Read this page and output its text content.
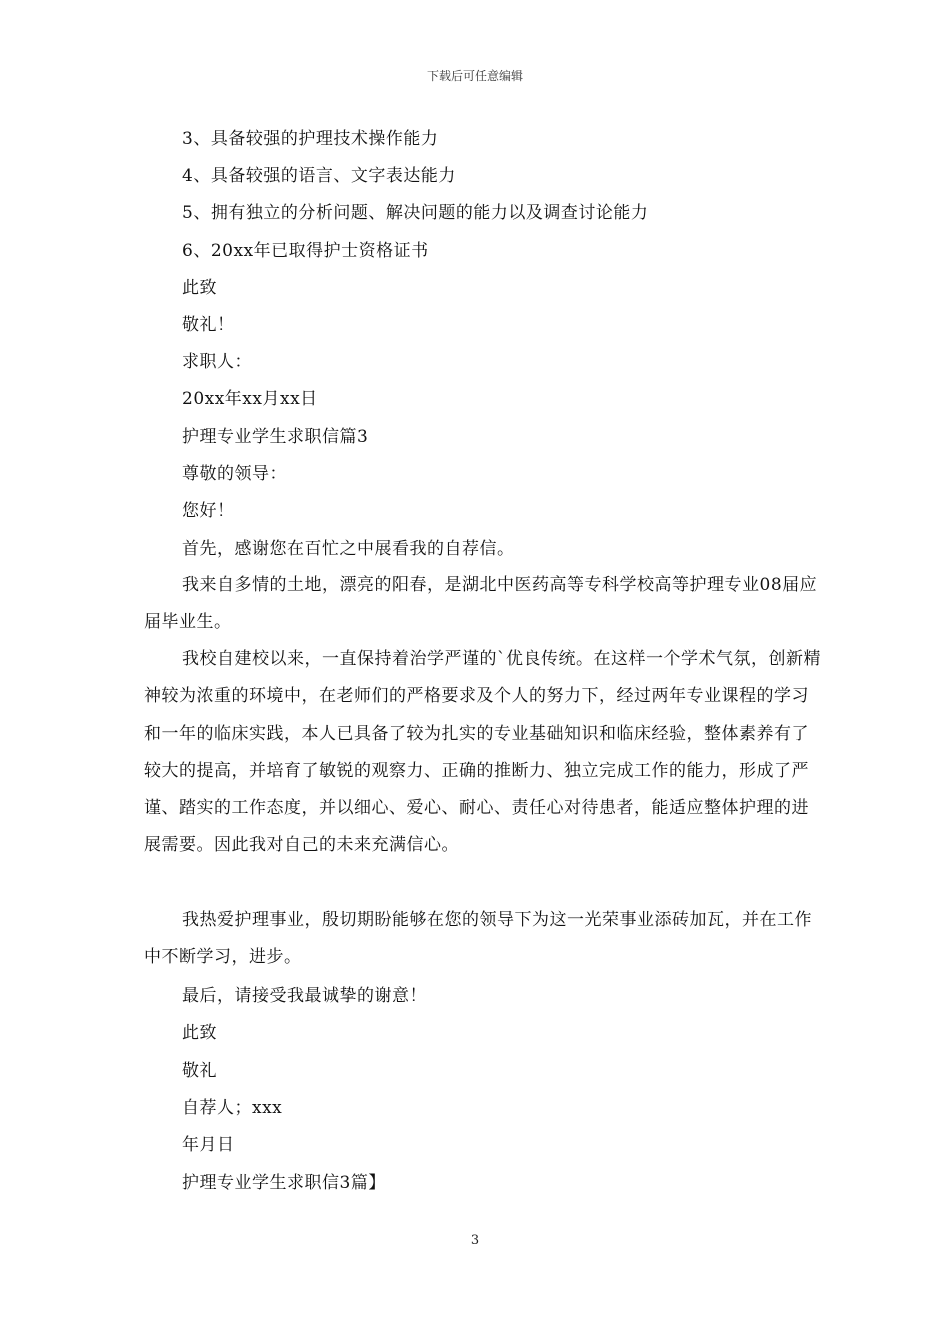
下载后可任意编辑
3、具备较强的护理技术操作能力
4、具备较强的语言、文字表达能力
5、拥有独立的分析问题、解决问题的能力以及调查讨论能力
6、20xx年已取得护士资格证书
此致
敬礼！
求职人：
20xx年xx月xx日
护理专业学生求职信篇3
尊敬的领导：
您好！
首先，感谢您在百忙之中展看我的自荐信。
我来自多情的土地，漂亮的阳春，是湖北中医药高等专科学校高等护理专业08届应届毕业生。
我校自建校以来，一直保持着治学严谨的`优良传统。在这样一个学术气氛，创新精神较为浓重的环境中，在老师们的严格要求及个人的努力下，经过两年专业课程的学习和一年的临床实践，本人已具备了较为扎实的专业基础知识和临床经验，整体素养有了较大的提高，并培育了敏锐的观察力、正确的推断力、独立完成工作的能力，形成了严谨、踏实的工作态度，并以细心、爱心、耐心、责任心对待患者，能适应整体护理的进展需要。因此我对自己的未来充满信心。
我热爱护理事业，殷切期盼能够在您的领导下为这一光荣事业添砖加瓦，并在工作中不断学习，进步。
最后，请接受我最诚挚的谢意！
此致
敬礼
自荐人；xxx
年月日
护理专业学生求职信3篇】
3
